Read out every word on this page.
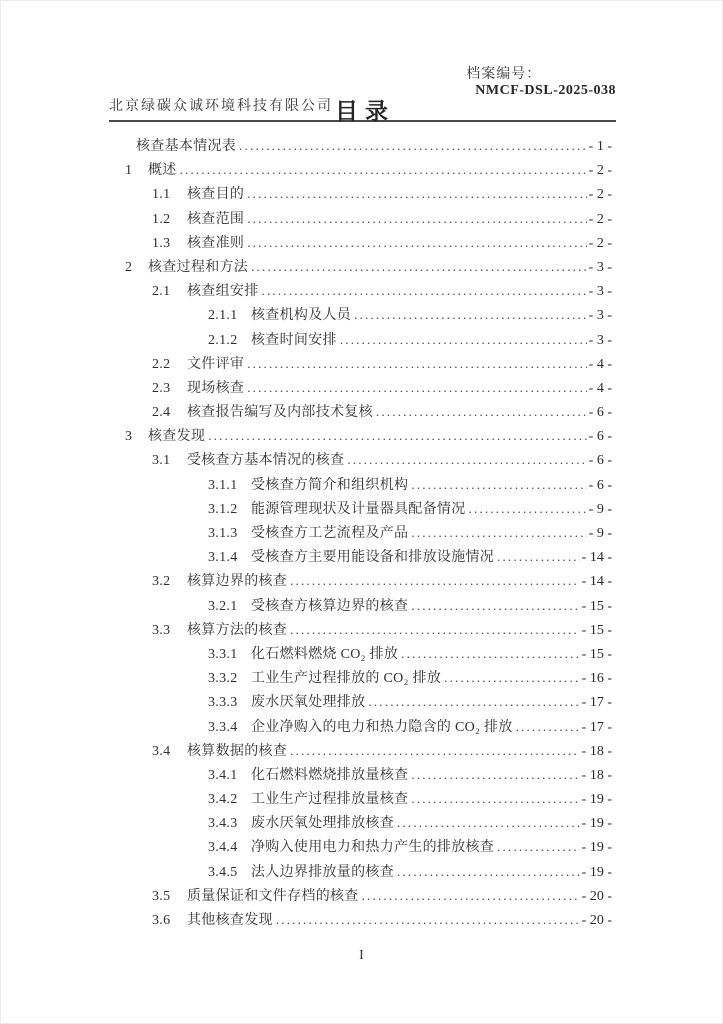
北京绿碳众诚环境科技有限公司

档案编号：
NMCF-DSL-2025-038

目录
核查基本情况表 .....	- 1 -
1	概述 .....	- 2 -
1.1	核查目的 .....	- 2 -
1.2	核查范围 .....	- 2 -
1.3	核查准则 .....	- 2 -
2	核查过程和方法 .....	- 3 -
2.1	核查组安排 .....	- 3 -
2.1.1 核查机构及人员 .....	- 3 -
2.1.2 核查时间安排 .....	- 3 -
2.2	文件评审 .....	- 4 -
2.3	现场核查 .....	- 4 -
2.4	核查报告编写及内部技术复核 .....	- 6 -
3	核查发现 .....	- 6 -
3.1	受核查方基本情况的核查 .....	- 6 -
3.1.1 受核查方简介和组织机构 .....	- 6 -
3.1.2 能源管理现状及计量器具配备情况 .....	- 9 -
3.1.3 受核查方工艺流程及产品 .....	- 9 -
3.1.4 受核查方主要用能设备和排放设施情况 .....	- 14 -
3.2	核算边界的核查 .....	- 14 -
3.2.1 受核查方核算边界的核查 .....	- 15 -
3.3	核算方法的核查 .....	- 15 -
3.3.1 化石燃料燃烧 CO₂ 排放 .....	- 15 -
3.3.2 工业生产过程排放的 CO₂ 排放 .....	- 16 -
3.3.3 废水厌氧处理排放 .....	- 17 -
3.3.4 企业净购入的电力和热力隐含的 CO₂ 排放 .....	- 17 -
3.4	核算数据的核查 .....	- 18 -
3.4.1 化石燃料燃烧排放量核查 .....	- 18 -
3.4.2 工业生产过程排放量核查 .....	- 19 -
3.4.3 废水厌氧处理排放核查 .....	- 19 -
3.4.4 净购入使用电力和热力产生的排放核查 .....	- 19 -
3.4.5 法人边界排放量的核查 .....	- 19 -
3.5	质量保证和文件存档的核查 .....	- 20 -
3.6	其他核查发现 .....	- 20 -
I
